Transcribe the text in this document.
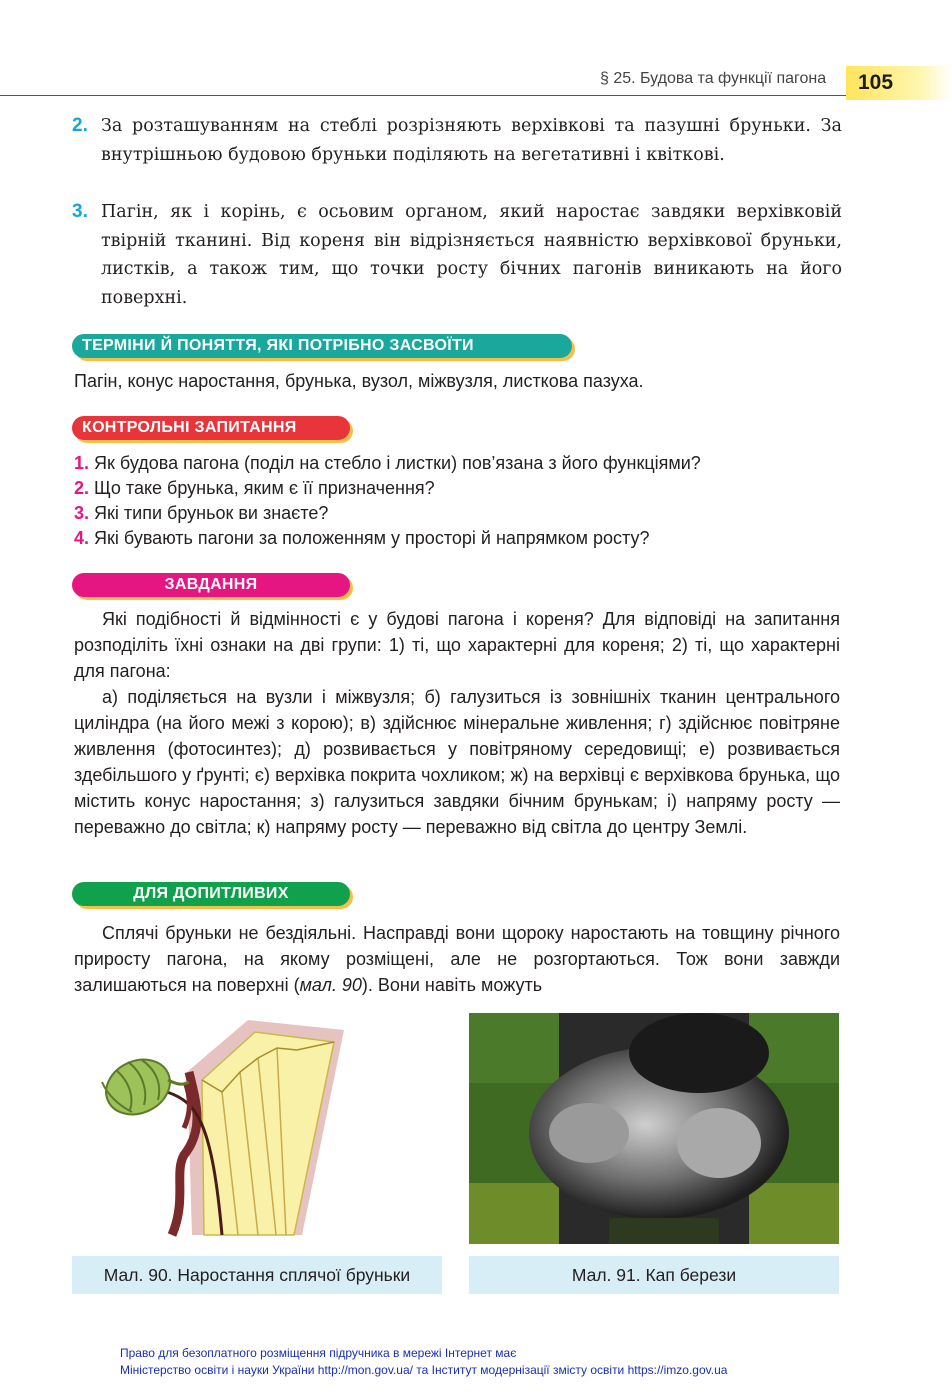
§ 25. Будова та функції пагона	105
2. За розташуванням на стеблі розрізняють верхівкові та пазушні бруньки. За внутрішньою будовою бруньки поділяють на вегетативні і квіткові.
3. Пагін, як і корінь, є осьовим органом, який наростає завдяки верхівковій твірній тканині. Від кореня він відрізняється наявністю верхівкової бруньки, листків, а також тим, що точки росту бічних пагонів виникають на його поверхні.
ТЕРМІНИ Й ПОНЯТТЯ, ЯКІ ПОТРІБНО ЗАСВОЇТИ
Пагін, конус наростання, брунька, вузол, міжвузля, листкова пазуха.
КОНТРОЛЬНІ ЗАПИТАННЯ
1. Як будова пагона (поділ на стебло і листки) пов’язана з його функціями?
2. Що таке брунька, яким є її призначення?
3. Які типи бруньок ви знаєте?
4. Які бувають пагони за положенням у просторі й напрямком росту?
ЗАВДАННЯ
Які подібності й відмінності є у будові пагона і кореня? Для відповіді на запитання розподіліть їхні ознаки на дві групи: 1) ті, що характерні для кореня; 2) ті, що характерні для пагона:
а) поділяється на вузли і міжвузля; б) галузиться із зовнішніх тканин центрального циліндра (на його межі з корою); в) здійснює мінеральне живлення; г) здійснює повітряне живлення (фотосинтез); д) розвивається у повітряному середовищі; е) розвивається здебільшого у ґрунті; є) верхівка покрита чохликом; ж) на верхівці є верхівкова брунька, що містить конус наростання; з) галузиться завдяки бічним брунькам; і) напряму росту — переважно до світла; к) напряму росту — переважно від світла до центру Землі.
ДЛЯ ДОПИТЛИВИХ
Сплячі бруньки не бездіяльні. Насправді вони щороку наростають на товщину річного приросту пагона, на якому розміщені, але не розгортаються. Тож вони завжди залишаються на поверхні (мал. 90). Вони навіть можуть
Мал. 90. Наростання сплячої бруньки	Мал. 91. Кап берези
Право для безоплатного розміщення підручника в мережі Інтернет має
Міністерство освіти і науки України http://mon.gov.ua/ та Інститут модернізації змісту освіти https://imzo.gov.ua
